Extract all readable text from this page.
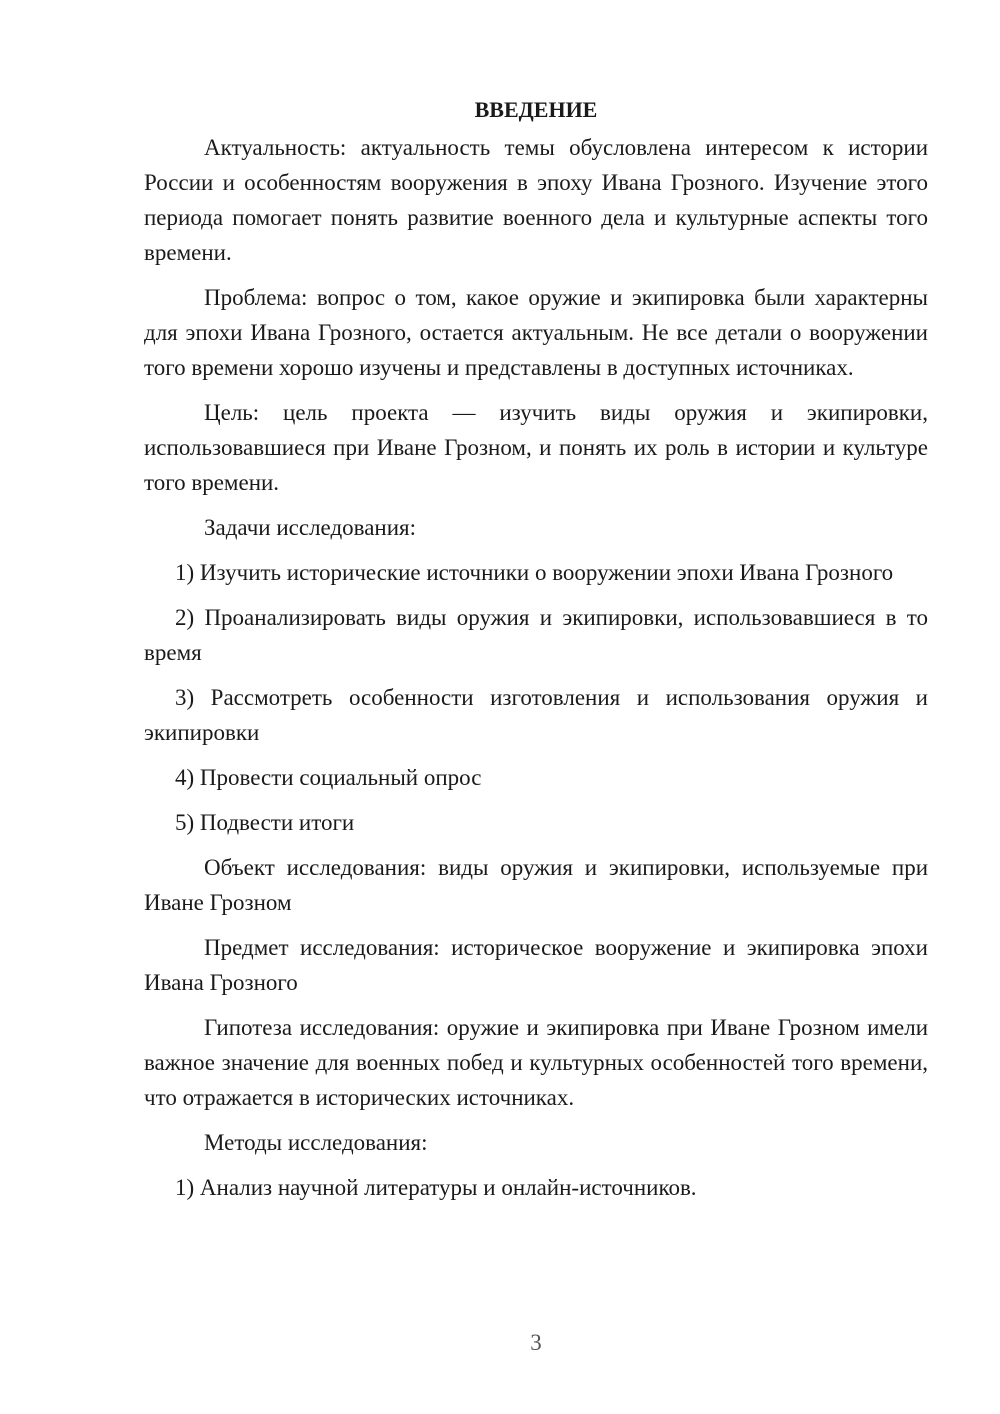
ВВЕДЕНИЕ

Актуальность: актуальность темы обусловлена интересом к истории России и особенностям вооружения в эпоху Ивана Грозного. Изучение этого периода помогает понять развитие военного дела и культурные аспекты того времени.

Проблема: вопрос о том, какое оружие и экипировка были характерны для эпохи Ивана Грозного, остается актуальным. Не все детали о вооружении того времени хорошо изучены и представлены в доступных источниках.

Цель: цель проекта — изучить виды оружия и экипировки, использовавшиеся при Иване Грозном, и понять их роль в истории и культуре того времени.

Задачи исследования:

1) Изучить исторические источники о вооружении эпохи Ивана Грозного

2) Проанализировать виды оружия и экипировки, использовавшиеся в то время

3) Рассмотреть особенности изготовления и использования оружия и экипировки

4) Провести социальный опрос

5) Подвести итоги

Объект исследования: виды оружия и экипировки, используемые при Иване Грозном

Предмет исследования: историческое вооружение и экипировка эпохи Ивана Грозного

Гипотеза исследования: оружие и экипировка при Иване Грозном имели важное значение для военных побед и культурных особенностей того времени, что отражается в исторических источниках.

Методы исследования:

1) Анализ научной литературы и онлайн-источников.

3
